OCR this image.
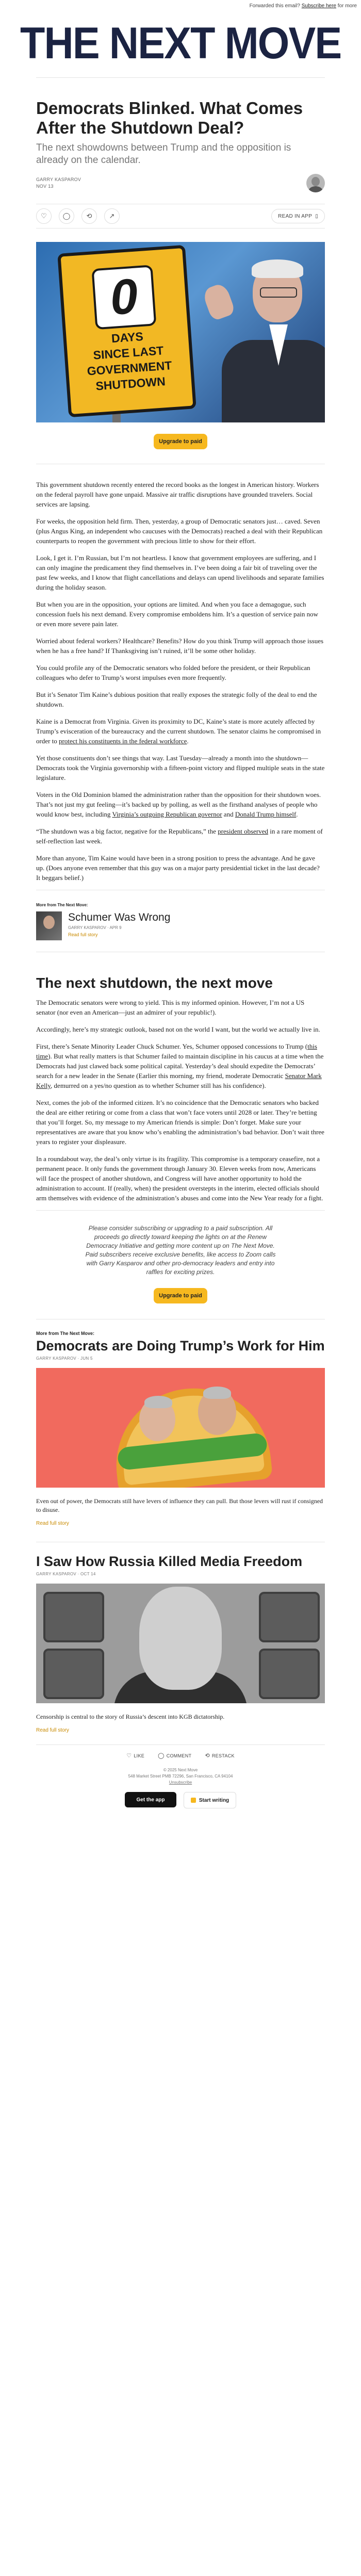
Forwarded this email? Subscribe here for more
THE NEXT MOVE
Democrats Blinked. What Comes After the Shutdown Deal?
The next showdowns between Trump and the opposition is already on the calendar.
GARRY KASPAROV
NOV 13
♡	◯	⟲	↗	READ IN APP ▯
0
DAYS
SINCE LAST
GOVERNMENT
SHUTDOWN
Upgrade to paid

This government shutdown recently entered the record books as the longest in American history. Workers on the federal payroll have gone unpaid. Massive air traffic disruptions have grounded travelers. Social services are lapsing.

For weeks, the opposition held firm. Then, yesterday, a group of Democratic senators just… caved. Seven (plus Angus King, an independent who caucuses with the Democrats) reached a deal with their Republican counterparts to reopen the government with precious little to show for their effort.

Look, I get it. I’m Russian, but I’m not heartless. I know that government employees are suffering, and I can only imagine the predicament they find themselves in. I’ve been doing a fair bit of traveling over the past few weeks, and I know that flight cancellations and delays can upend livelihoods and separate families during the holiday season.

But when you are in the opposition, your options are limited. And when you face a demagogue, such concession fuels his next demand. Every compromise emboldens him. It’s a question of service pain now or even more severe pain later.

Worried about federal workers? Healthcare? Benefits? How do you think Trump will approach those issues when he has a free hand? If Thanksgiving isn’t ruined, it’ll be some other holiday.

You could profile any of the Democratic senators who folded before the president, or their Republican colleagues who defer to Trump’s worst impulses even more frequently.

But it’s Senator Tim Kaine’s dubious position that really exposes the strategic folly of the deal to end the shutdown.

Kaine is a Democrat from Virginia. Given its proximity to DC, Kaine’s state is more acutely affected by Trump’s evisceration of the bureaucracy and the current shutdown. The senator claims he compromised in order to protect his constituents in the federal workforce.

Yet those constituents don’t see things that way. Last Tuesday—already a month into the shutdown—Democrats took the Virginia governorship with a fifteen-point victory and flipped multiple seats in the state legislature.

Voters in the Old Dominion blamed the administration rather than the opposition for their shutdown woes. That’s not just my gut feeling—it’s backed up by polling, as well as the firsthand analyses of people who would know best, including Virginia’s outgoing Republican governor and Donald Trump himself.

“The shutdown was a big factor, negative for the Republicans,” the president observed in a rare moment of self-reflection last week.

More than anyone, Tim Kaine would have been in a strong position to press the advantage. And he gave up. (Does anyone even remember that this guy was on a major party presidential ticket in the last decade? It beggars belief.)

More from The Next Move:
Schumer Was Wrong
GARRY KASPAROV · APR 9
Read full story
The next shutdown, the next move

The Democratic senators were wrong to yield. This is my informed opinion. However, I’m not a US senator (nor even an American—just an admirer of your republic!).

Accordingly, here’s my strategic outlook, based not on the world I want, but the world we actually live in.

First, there’s Senate Minority Leader Chuck Schumer. Yes, Schumer opposed concessions to Trump (this time). But what really matters is that Schumer failed to maintain discipline in his caucus at a time when the Democrats had just clawed back some political capital. Yesterday’s deal should expedite the Democrats’ search for a new leader in the Senate (Earlier this morning, my friend, moderate Democratic Senator Mark Kelly, demurred on a yes/no question as to whether Schumer still has his confidence).

Next, comes the job of the informed citizen. It’s no coincidence that the Democratic senators who backed the deal are either retiring or come from a class that won’t face voters until 2028 or later. They’re betting that you’ll forget. So, my message to my American friends is simple: Don’t forget. Make sure your representatives are aware that you know who’s enabling the administration’s bad behavior. Don’t wait three years to register your displeasure.

In a roundabout way, the deal’s only virtue is its fragility. This compromise is a temporary ceasefire, not a permanent peace. It only funds the government through January 30. Eleven weeks from now, Americans will face the prospect of another shutdown, and Congress will have another opportunity to hold the administration to account. If (really, when) the president overstepts in the interim, elected officials should arm themselves with evidence of the administration’s abuses and come into the New Year ready for a fight.

Please consider subscribing or upgrading to a paid subscription. All proceeds go directly toward keeping the lights on at the Renew Democracy Initiative and getting more content up on The Next Move. Paid subscribers receive exclusive benefits, like access to Zoom calls with Garry Kasparov and other pro-democracy leaders and entry into raffles for exciting prizes.
Upgrade to paid
More from The Next Move:
Democrats are Doing Trump’s Work for Him
GARRY KASPAROV · JUN 5
Even out of power, the Democrats still have levers of influence they can pull. But those levers will rust if consigned to disuse.
Read full story
I Saw How Russia Killed Media Freedom
GARRY KASPAROV · OCT 14
Censorship is central to the story of Russia’s descent into KGB dictatorship.
Read full story
♡ LIKE ◯ COMMENT ⟲ RESTACK
© 2025 Next Move
548 Market Street PMB 72296, San Francisco, CA 94104
Unsubscribe
Get the app	Start writing
